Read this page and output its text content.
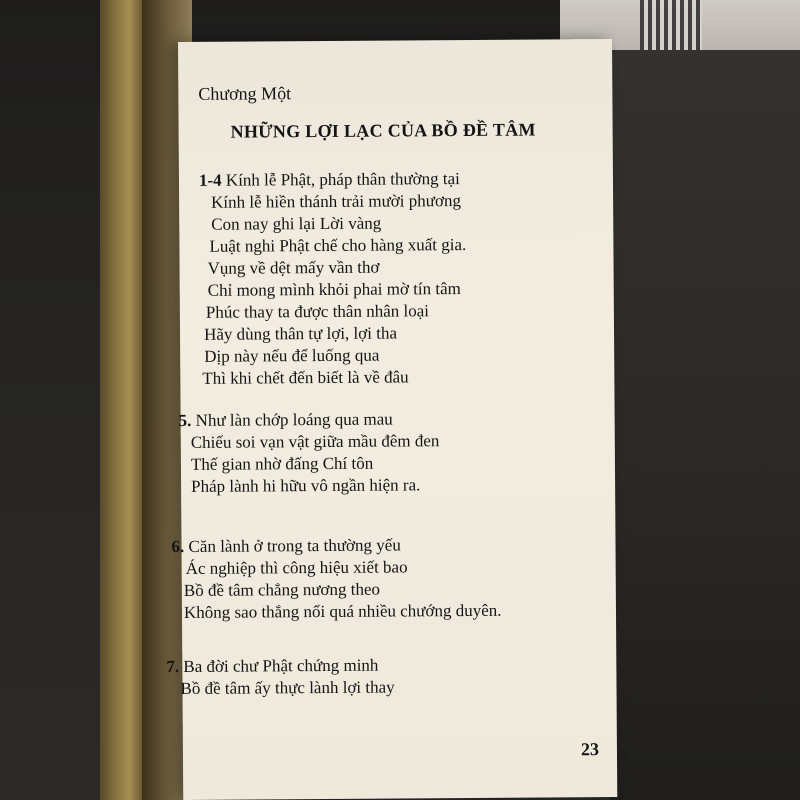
Chương Một
NHỮNG LỢI LẠC CỦA BỒ ĐỀ TÂM
1-4 Kính lễ Phật, pháp thân thường tại
Kính lễ hiền thánh trải mười phương
Con nay ghi lại Lời vàng
Luật nghi Phật chế cho hàng xuất gia.
Vụng về dệt mấy vần thơ
Chỉ mong mình khỏi phai mờ tín tâm
Phúc thay ta được thân nhân loại
Hãy dùng thân tự lợi, lợi tha
Dịp này nếu để luống qua
Thì khi chết đến biết là về đâu
5. Như làn chớp loáng qua mau
Chiếu soi vạn vật giữa mầu đêm đen
Thế gian nhờ đấng Chí tôn
Pháp lành hi hữu vô ngần hiện ra.
6. Căn lành ở trong ta thường yếu
Ác nghiệp thì công hiệu xiết bao
Bồ đề tâm chẳng nương theo
Không sao thắng nổi quá nhiều chướng duyên.
7. Ba đời chư Phật chứng minh
Bồ đề tâm ấy thực lành lợi thay
23
